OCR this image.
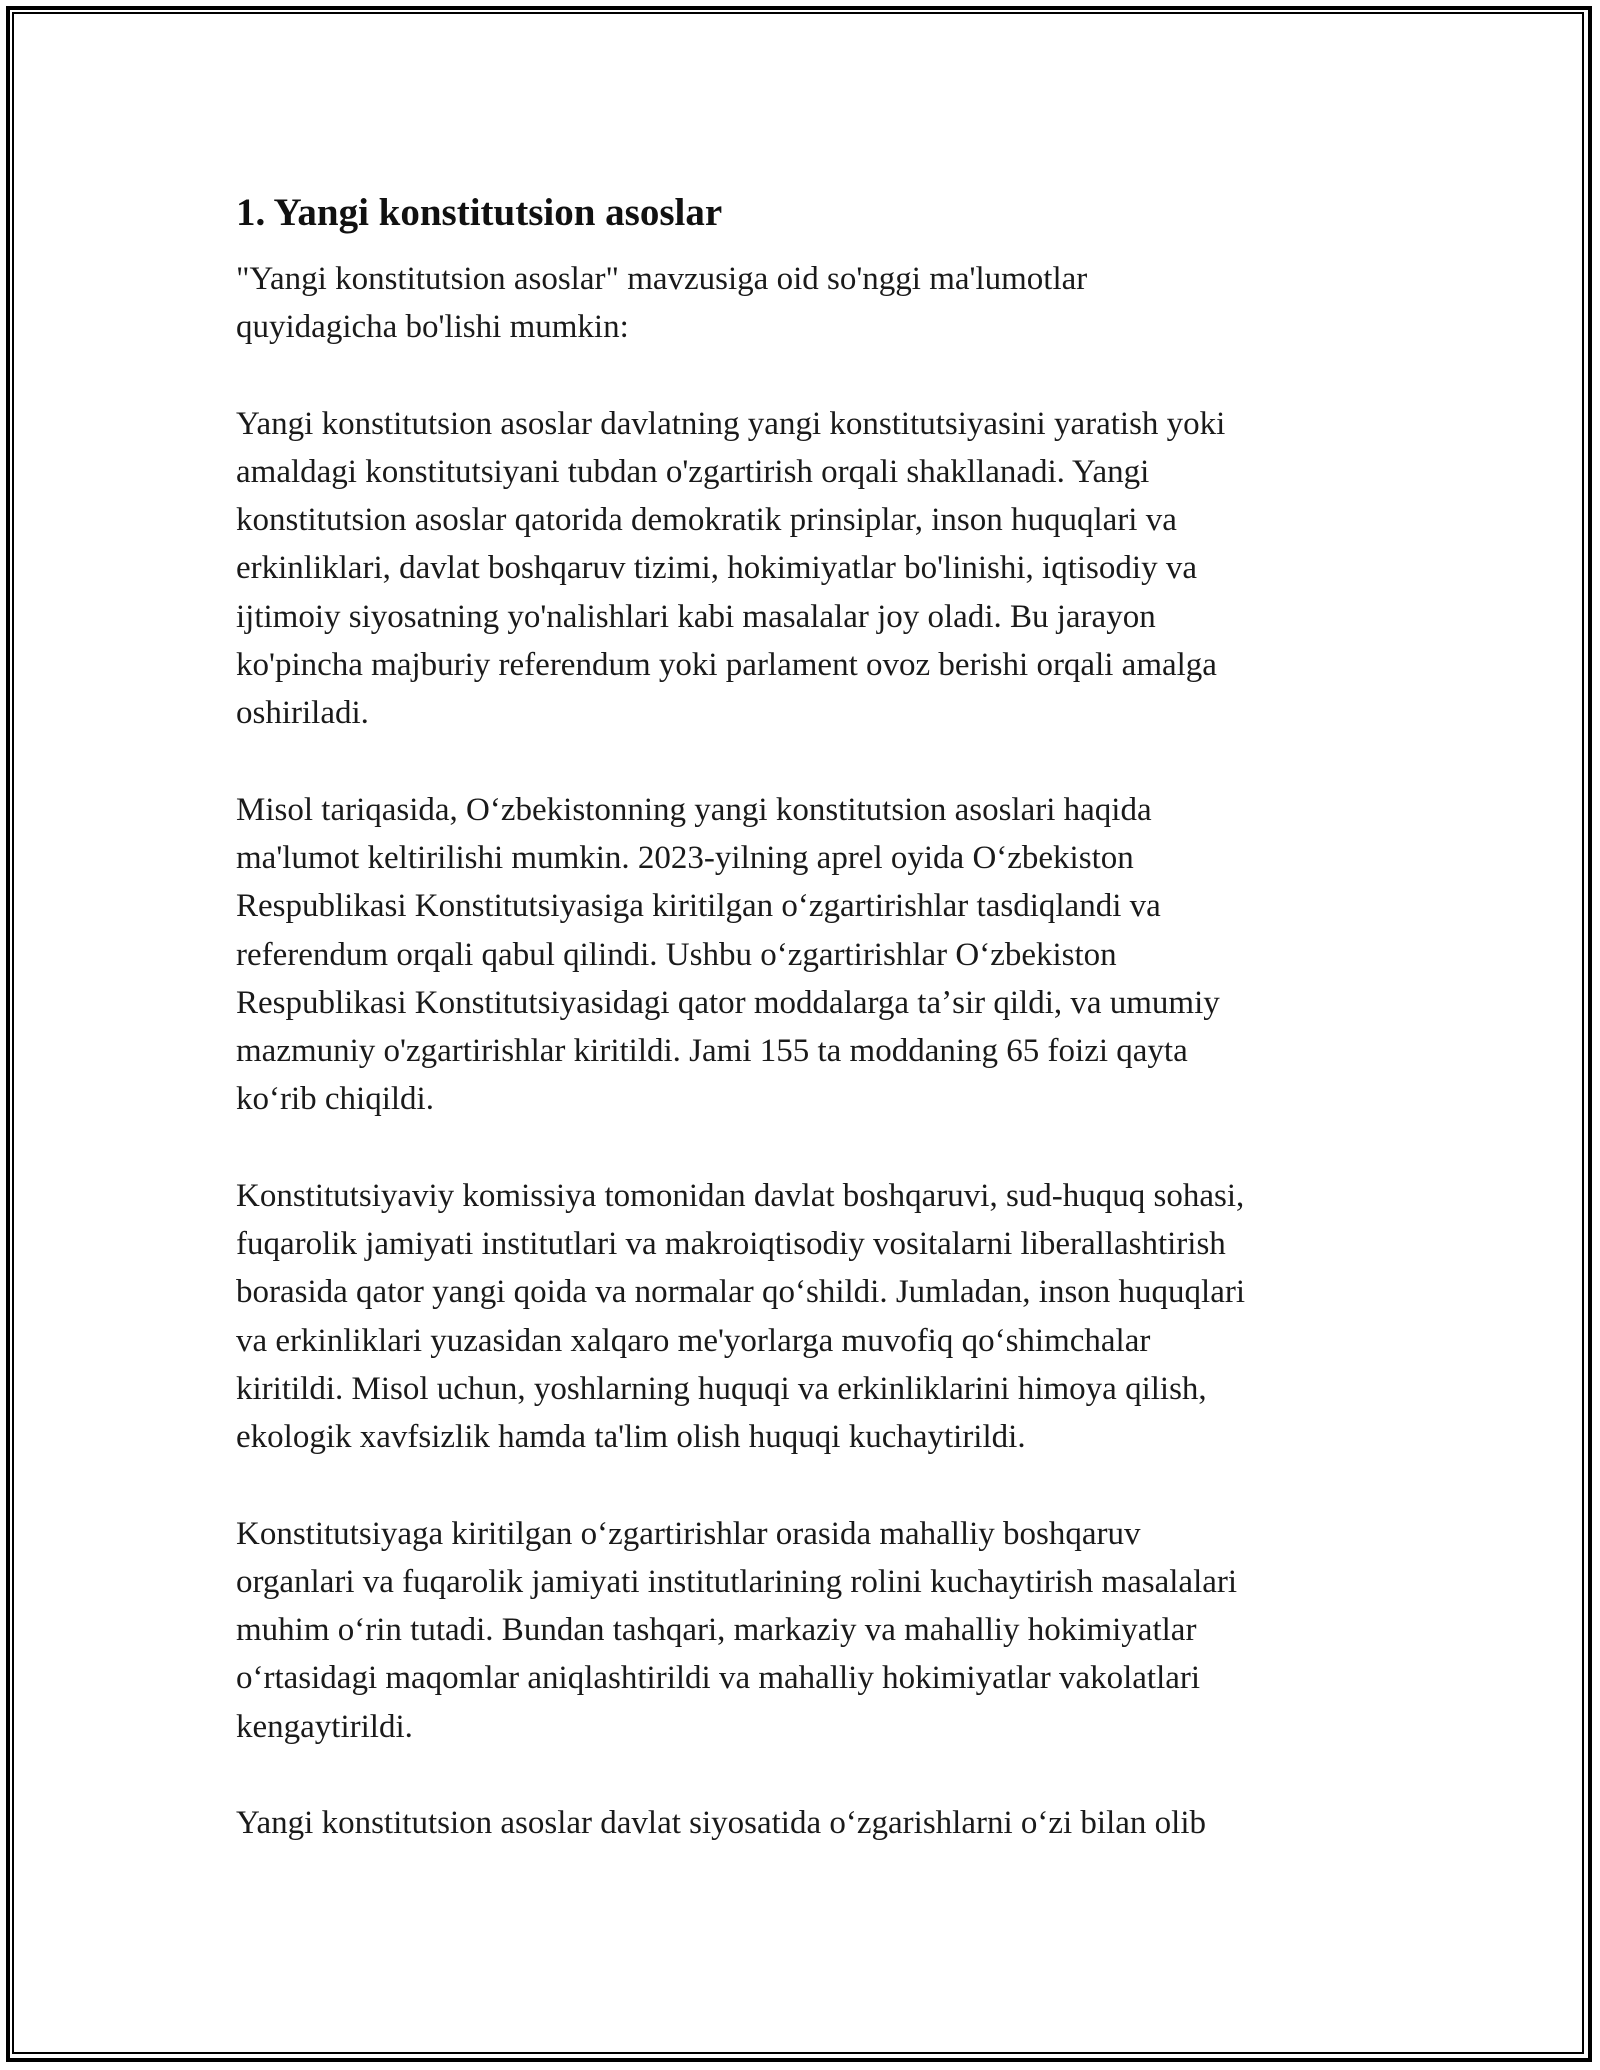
1. Yangi konstitutsion asoslar

"Yangi konstitutsion asoslar" mavzusiga oid so'nggi ma'lumotlar
quyidagicha bo'lishi mumkin:

Yangi konstitutsion asoslar davlatning yangi konstitutsiyasini yaratish yoki
amaldagi konstitutsiyani tubdan o'zgartirish orqali shakllanadi. Yangi
konstitutsion asoslar qatorida demokratik prinsiplar, inson huquqlari va
erkinliklari, davlat boshqaruv tizimi, hokimiyatlar bo'linishi, iqtisodiy va
ijtimoiy siyosatning yo'nalishlari kabi masalalar joy oladi. Bu jarayon
ko'pincha majburiy referendum yoki parlament ovoz berishi orqali amalga
oshiriladi.

Misol tariqasida, Oʻzbekistonning yangi konstitutsion asoslari haqida
ma'lumot keltirilishi mumkin. 2023-yilning aprel oyida Oʻzbekiston
Respublikasi Konstitutsiyasiga kiritilgan oʻzgartirishlar tasdiqlandi va
referendum orqali qabul qilindi. Ushbu oʻzgartirishlar Oʻzbekiston
Respublikasi Konstitutsiyasidagi qator moddalarga taʼsir qildi, va umumiy
mazmuniy o'zgartirishlar kiritildi. Jami 155 ta moddaning 65 foizi qayta
koʻrib chiqildi.

Konstitutsiyaviy komissiya tomonidan davlat boshqaruvi, sud-huquq sohasi,
fuqarolik jamiyati institutlari va makroiqtisodiy vositalarni liberallashtirish
borasida qator yangi qoida va normalar qoʻshildi. Jumladan, inson huquqlari
va erkinliklari yuzasidan xalqaro me'yorlarga muvofiq qoʻshimchalar
kiritildi. Misol uchun, yoshlarning huquqi va erkinliklarini himoya qilish,
ekologik xavfsizlik hamda ta'lim olish huquqi kuchaytirildi.

Konstitutsiyaga kiritilgan oʻzgartirishlar orasida mahalliy boshqaruv
organlari va fuqarolik jamiyati institutlarining rolini kuchaytirish masalalari
muhim oʻrin tutadi. Bundan tashqari, markaziy va mahalliy hokimiyatlar
oʻrtasidagi maqomlar aniqlashtirildi va mahalliy hokimiyatlar vakolatlari
kengaytirildi.

Yangi konstitutsion asoslar davlat siyosatida oʻzgarishlarni oʻzi bilan olib
